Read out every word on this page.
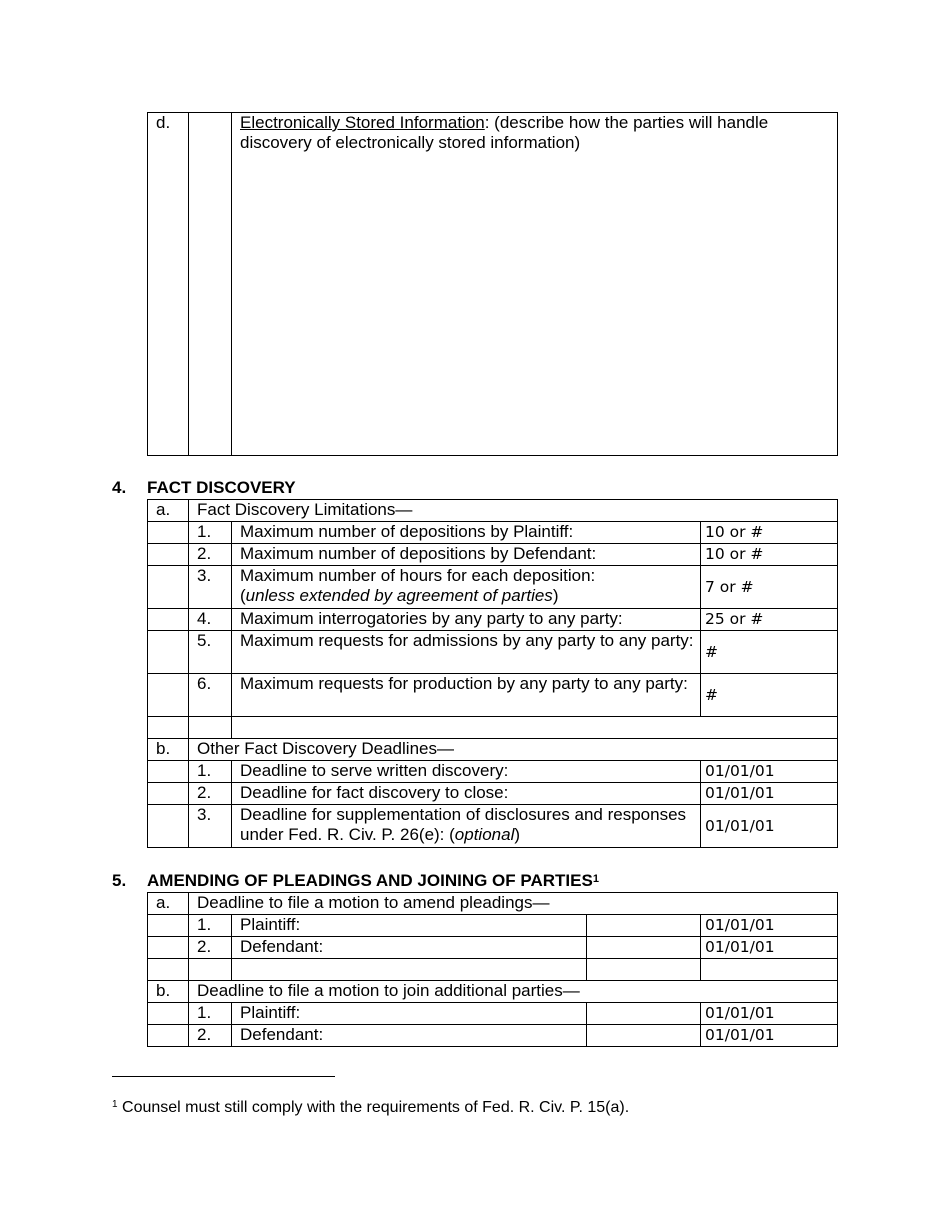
d.		Electronically Stored Information: (describe how the parties will handle discovery of electronically stored information)
4. FACT DISCOVERY
a.	Fact Discovery Limitations—		
	1.	Maximum number of depositions by Plaintiff:	10 or #
	2.	Maximum number of depositions by Defendant:	10 or #
	3.	Maximum number of hours for each deposition:
(unless extended by agreement of parties)	7 or #
	4.	Maximum interrogatories by any party to any party:	25 or #
	5.	Maximum requests for admissions by any party to any party:	#
	6.	Maximum requests for production by any party to any party:	#

b.	Other Fact Discovery Deadlines—		
	1.	Deadline to serve written discovery:	01/01/01
	2.	Deadline for fact discovery to close:	01/01/01
	3.	Deadline for supplementation of disclosures and responses under Fed. R. Civ. P. 26(e): (optional)	01/01/01
5. AMENDING OF PLEADINGS AND JOINING OF PARTIES$^1$
a.	Deadline to file a motion to amend pleadings—			
	1.	Plaintiff:		01/01/01
	2.	Defendant:		01/01/01

b.	Deadline to file a motion to join additional parties—			
	1.	Plaintiff:		01/01/01
	2.	Defendant:		01/01/01
$^1$ Counsel must still comply with the requirements of Fed. R. Civ. P. 15(a).
